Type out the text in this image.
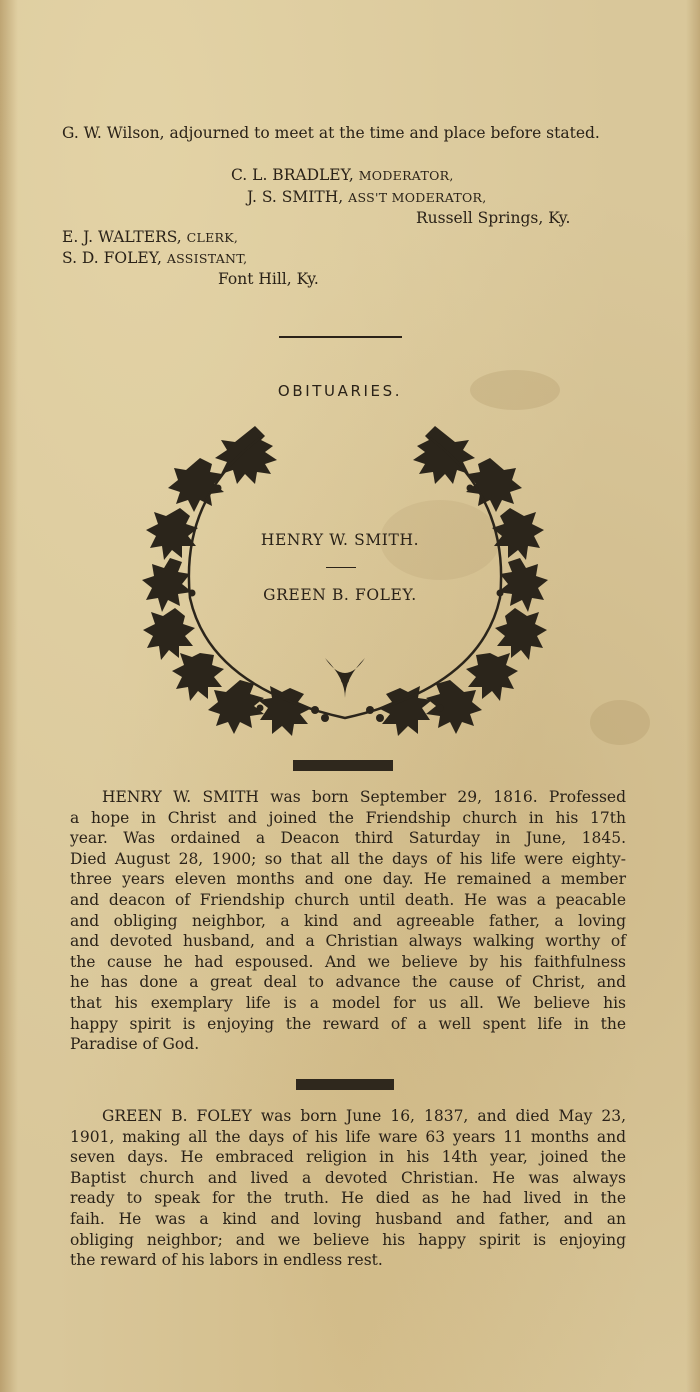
G. W. Wilson, adjourned to meet at the time and place before stated.
C. L. BRADLEY, MODERATOR,
J. S. SMITH, ASS'T MODERATOR,
Russell Springs, Ky.
E. J. WALTERS, CLERK,
S. D. FOLEY, ASSISTANT,
Font Hill, Ky.
OBITUARIES.
HENRY W. SMITH.
GREEN B. FOLEY.
HENRY W. SMITH was born September 29, 1816. Professed
a hope in Christ and joined the Friendship church in his 17th
year. Was ordained a Deacon third Saturday in June, 1845.
Died August 28, 1900; so that all the days of his life were eighty-
three years eleven months and one day. He remained a member
and deacon of Friendship church until death. He was a peacable
and obliging neighbor, a kind and agreeable father, a loving
and devoted husband, and a Christian always walking worthy of
the cause he had espoused. And we believe by his faithfulness
he has done a great deal to advance the cause of Christ, and
that his exemplary life is a model for us all. We believe his
happy spirit is enjoying the reward of a well spent life in the
Paradise of God.
GREEN B. FOLEY was born June 16, 1837, and died May 23,
1901, making all the days of his life ware 63 years 11 months and
seven days. He embraced religion in his 14th year, joined the
Baptist church and lived a devoted Christian. He was always
ready to speak for the truth. He died as he had lived in the
faih. He was a kind and loving husband and father, and an
obliging neighbor; and we believe his happy spirit is enjoying
the reward of his labors in endless rest.
